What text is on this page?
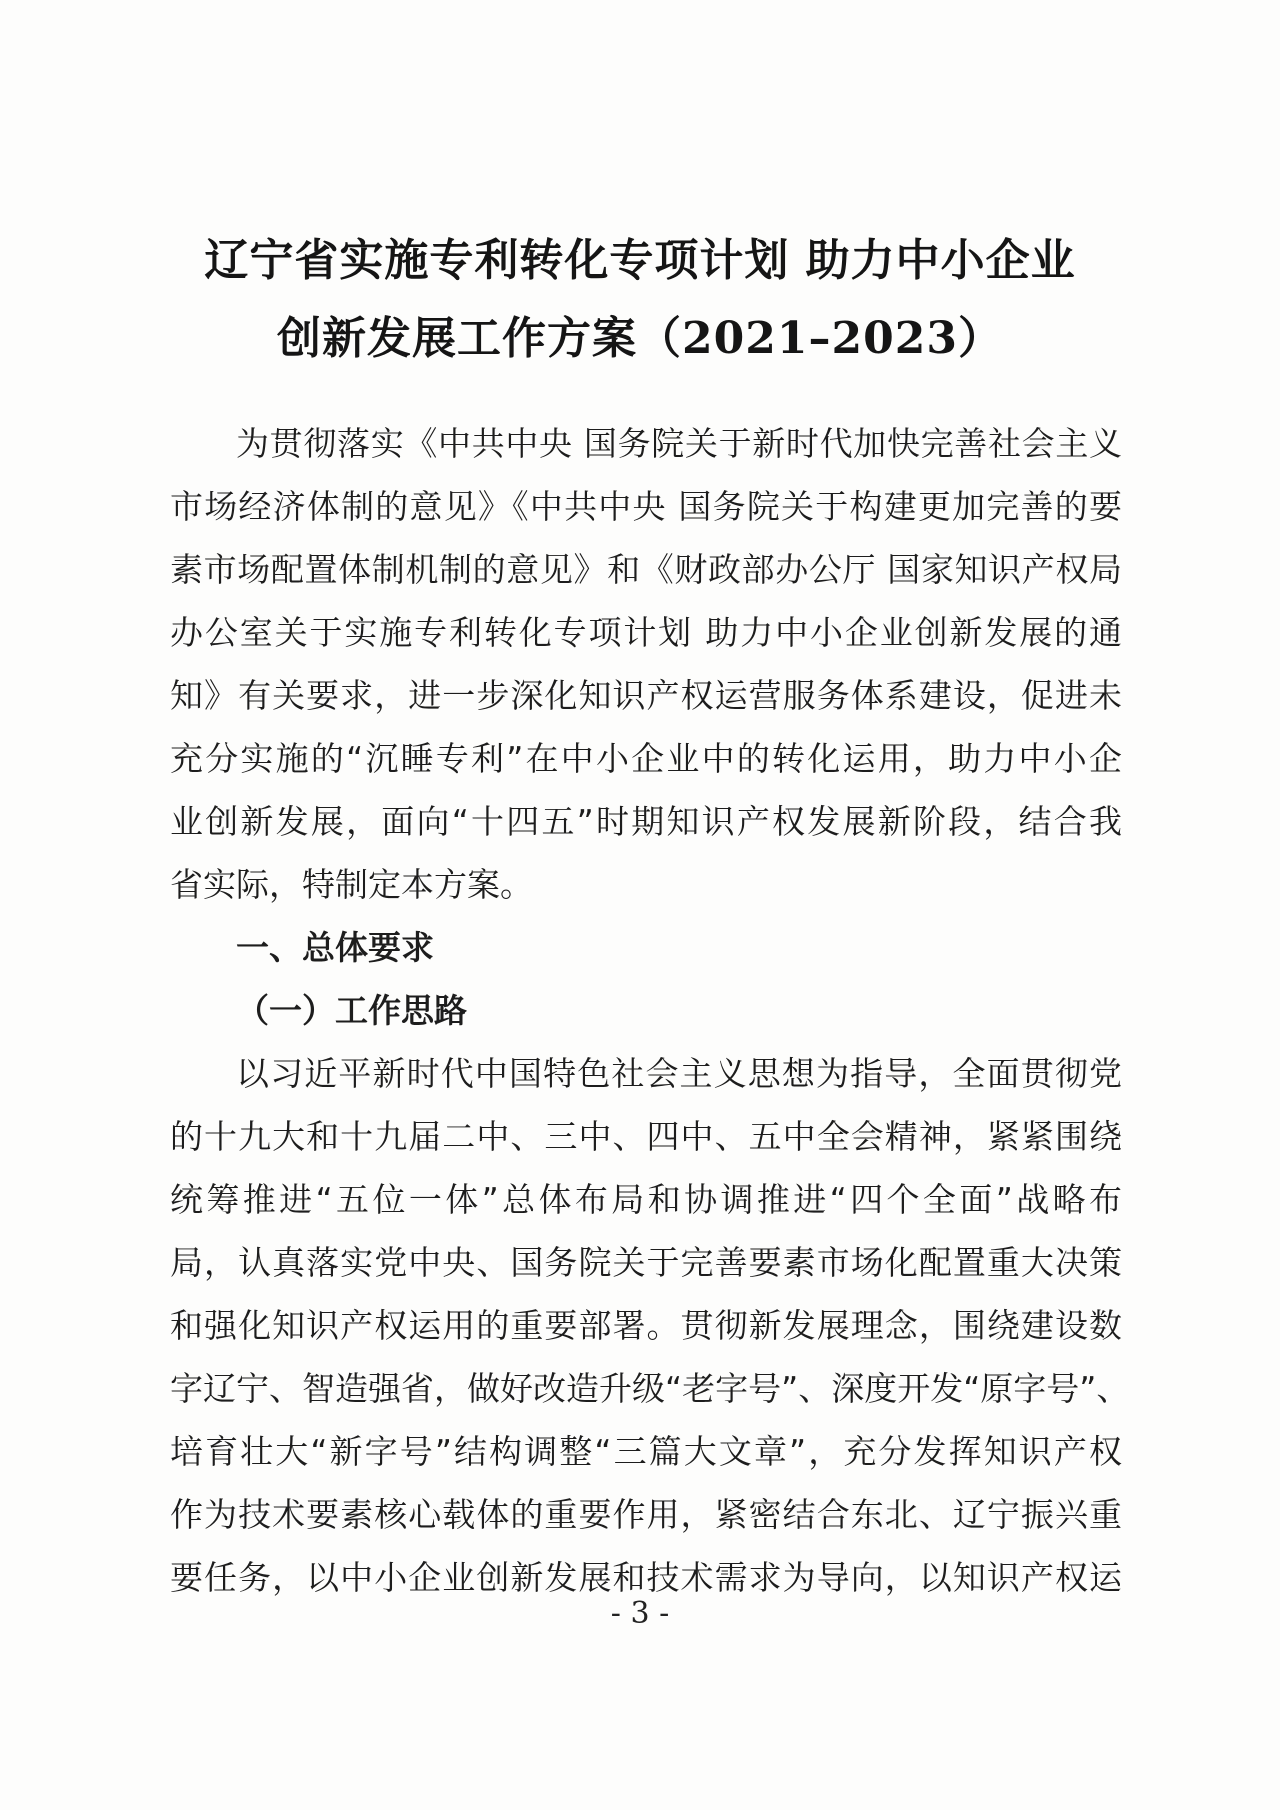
辽宁省实施专利转化专项计划 助力中小企业
创新发展工作方案（2021–2023）
为贯彻落实《中共中央 国务院关于新时代加快完善社会主义
市场经济体制的意见》《中共中央 国务院关于构建更加完善的要
素市场配置体制机制的意见》和《财政部办公厅 国家知识产权局
办公室关于实施专利转化专项计划 助力中小企业创新发展的通
知》有关要求，进一步深化知识产权运营服务体系建设，促进未
充分实施的“沉睡专利”在中小企业中的转化运用，助力中小企
业创新发展，面向“十四五”时期知识产权发展新阶段，结合我
省实际，特制定本方案。
一、总体要求
（一）工作思路
以习近平新时代中国特色社会主义思想为指导，全面贯彻党
的十九大和十九届二中、三中、四中、五中全会精神，紧紧围绕
统筹推进“五位一体”总体布局和协调推进“四个全面”战略布
局，认真落实党中央、国务院关于完善要素市场化配置重大决策
和强化知识产权运用的重要部署。贯彻新发展理念，围绕建设数
字辽宁、智造强省，做好改造升级“老字号”、深度开发“原字号”、
培育壮大“新字号”结构调整“三篇大文章”，充分发挥知识产权
作为技术要素核心载体的重要作用，紧密结合东北、辽宁振兴重
要任务，以中小企业创新发展和技术需求为导向，以知识产权运
- 3 -
